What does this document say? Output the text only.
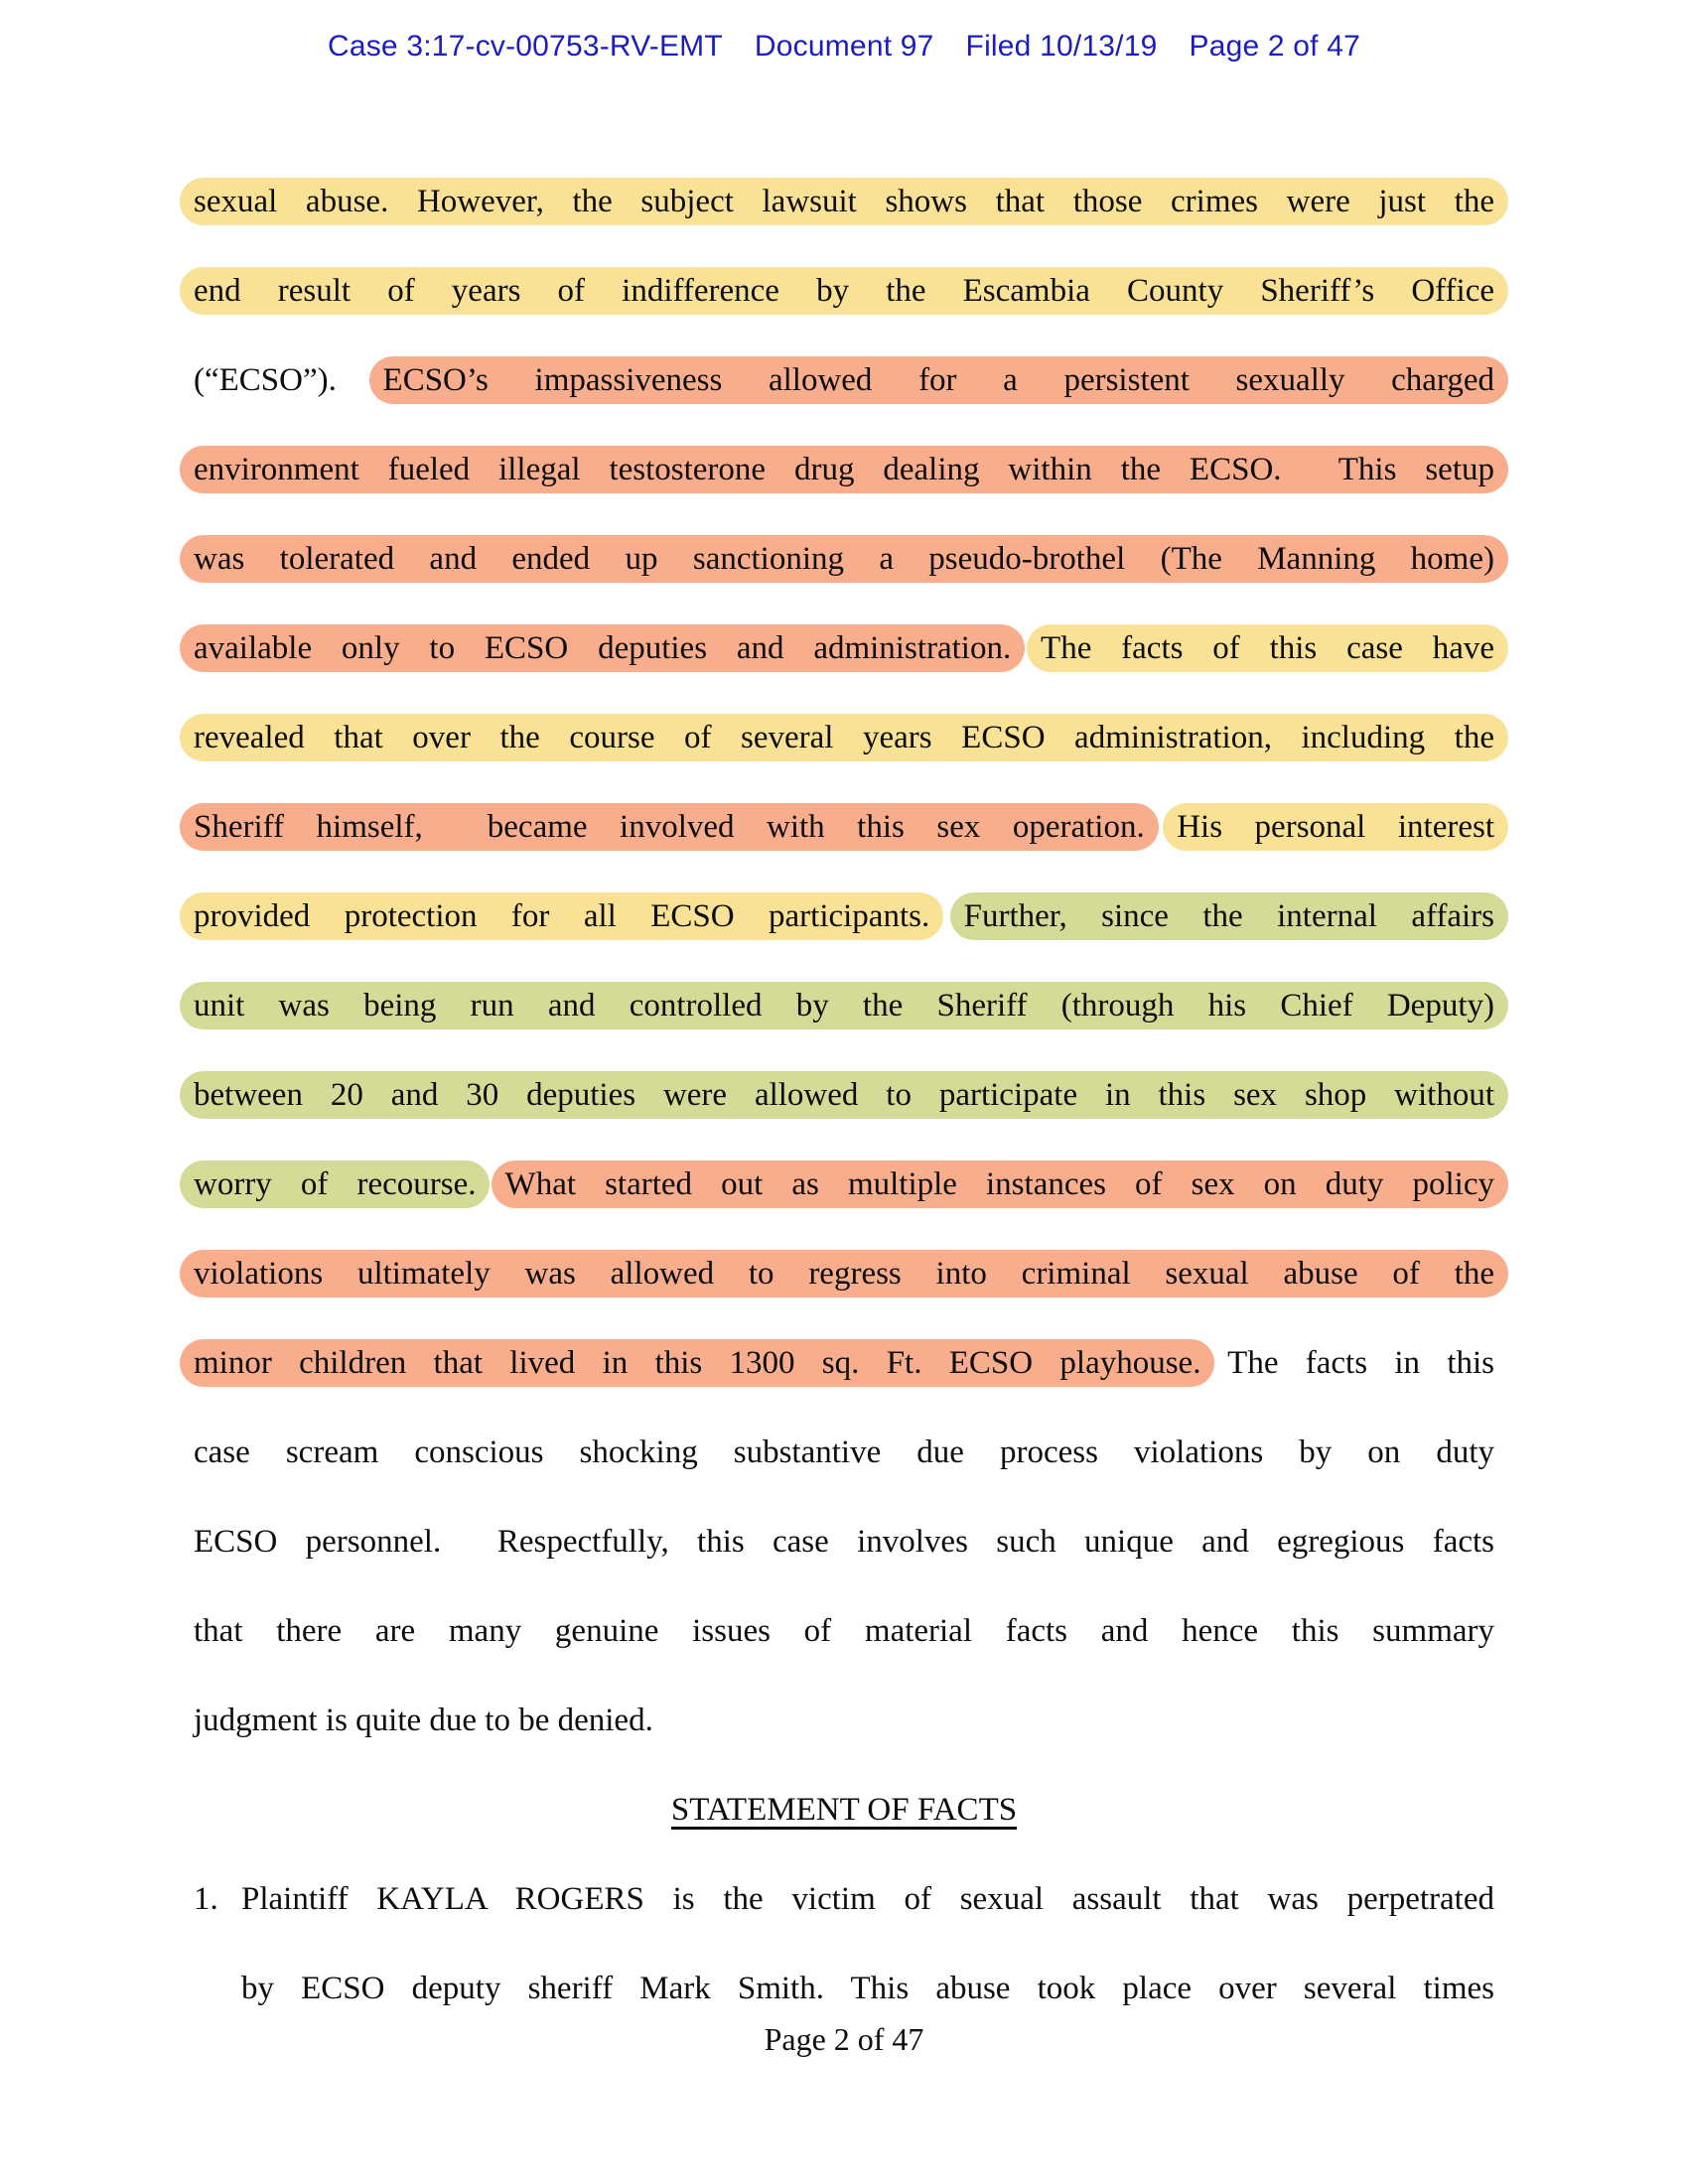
Case 3:17-cv-00753-RV-EMT Document 97 Filed 10/13/19 Page 2 of 47
sexual abuse. However, the subject lawsuit shows that those crimes were just the
end result of years of indifference by the Escambia County Sheriff’s Office
(“ECSO”). ECSO’s impassiveness allowed for a persistent sexually charged
environment fueled illegal testosterone drug dealing within the ECSO.  This setup
was tolerated and ended up sanctioning a pseudo-brothel (The Manning home)
available only to ECSO deputies and administration. The facts of this case have
revealed that over the course of several years ECSO administration, including the
Sheriff himself,  became involved with this sex operation. His personal interest
provided protection for all ECSO participants. Further, since the internal affairs
unit was being run and controlled by the Sheriff (through his Chief Deputy)
between 20 and 30 deputies were allowed to participate in this sex shop without
worry of recourse. What started out as multiple instances of sex on duty policy
violations ultimately was allowed to regress into criminal sexual abuse of the
minor children that lived in this 1300 sq. Ft. ECSO playhouse. The facts in this
case scream conscious shocking substantive due process violations by on duty
ECSO personnel.  Respectfully, this case involves such unique and egregious facts
that there are many genuine issues of material facts and hence this summary
judgment is quite due to be denied.
STATEMENT OF FACTS
1. Plaintiff KAYLA ROGERS is the victim of sexual assault that was perpetrated
by ECSO deputy sheriff Mark Smith. This abuse took place over several times
Page 2 of 47
